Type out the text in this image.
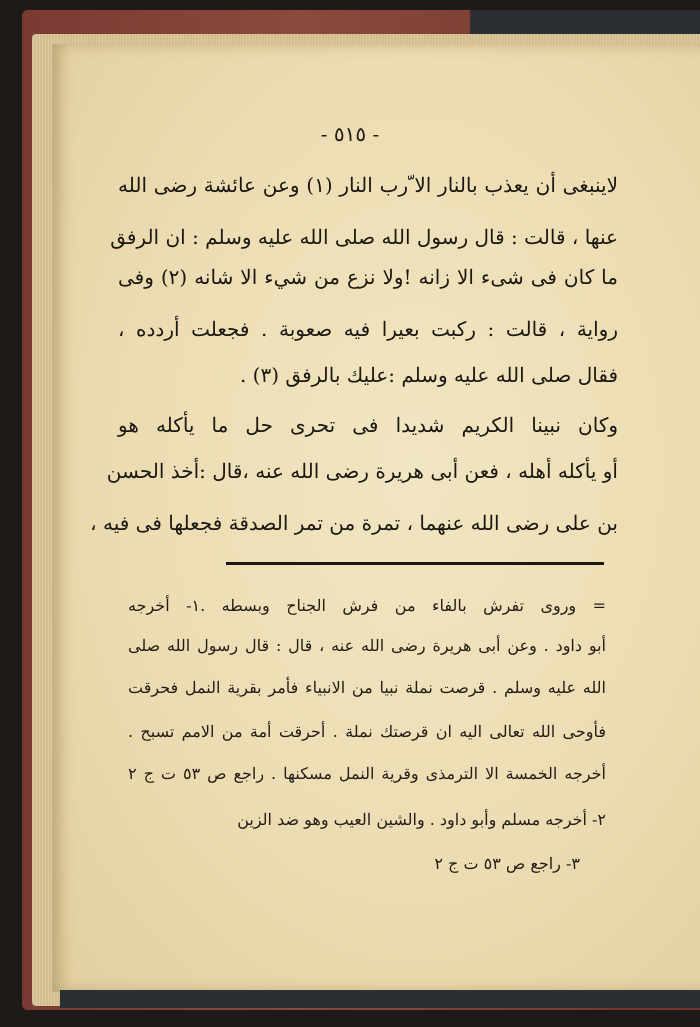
- ٥١٥ -
لاينبغى أن يعذب بالنار الا ّرب النار (١) وعن عائشة رضى الله
عنها ، قالت : قال رسول الله صلى الله عليه وسلم : ان الرفق
ما كان فى شىء الا زانه !ولا نزع من شيء الا شانه (٢) وفى
رواية ، قالت : ركبت بعيرا فيه صعوبة . فجعلت أردده ،
فقال صلى الله عليه وسلم :عليك بالرفق (٣) .
وكان نبينا الكريم شديدا فى تحرى حل ما يأكله هو
أو يأكله أهله ، فعن أبى هريرة رضى الله عنه ،قال :أخذ الحسن
بن على رضى الله عنهما ، تمرة من تمر الصدقة فجعلها فى فيه ،
= وروى تفرش بالفاء من فرش الجناح وبسطه .١- أخرجه
أبو داود . وعن أبى هريرة رضى الله عنه ، قال : قال رسول الله صلى
الله عليه وسلم . قرصت نملة نبيا من الانبياء فأمر بقرية النمل فحرقت
فأوحى الله تعالى اليه ان قرصتك نملة . أحرقت أمة من الامم تسبح .
أخرجه الخمسة الا الترمذى وقرية النمل مسكنها . راجع ص ٥٣ ت ج ٢
٢- أخرجه مسلم وأبو داود . والشين العيب وهو ضد الزين
٣- راجع ص ٥٣ ت ج ٢
